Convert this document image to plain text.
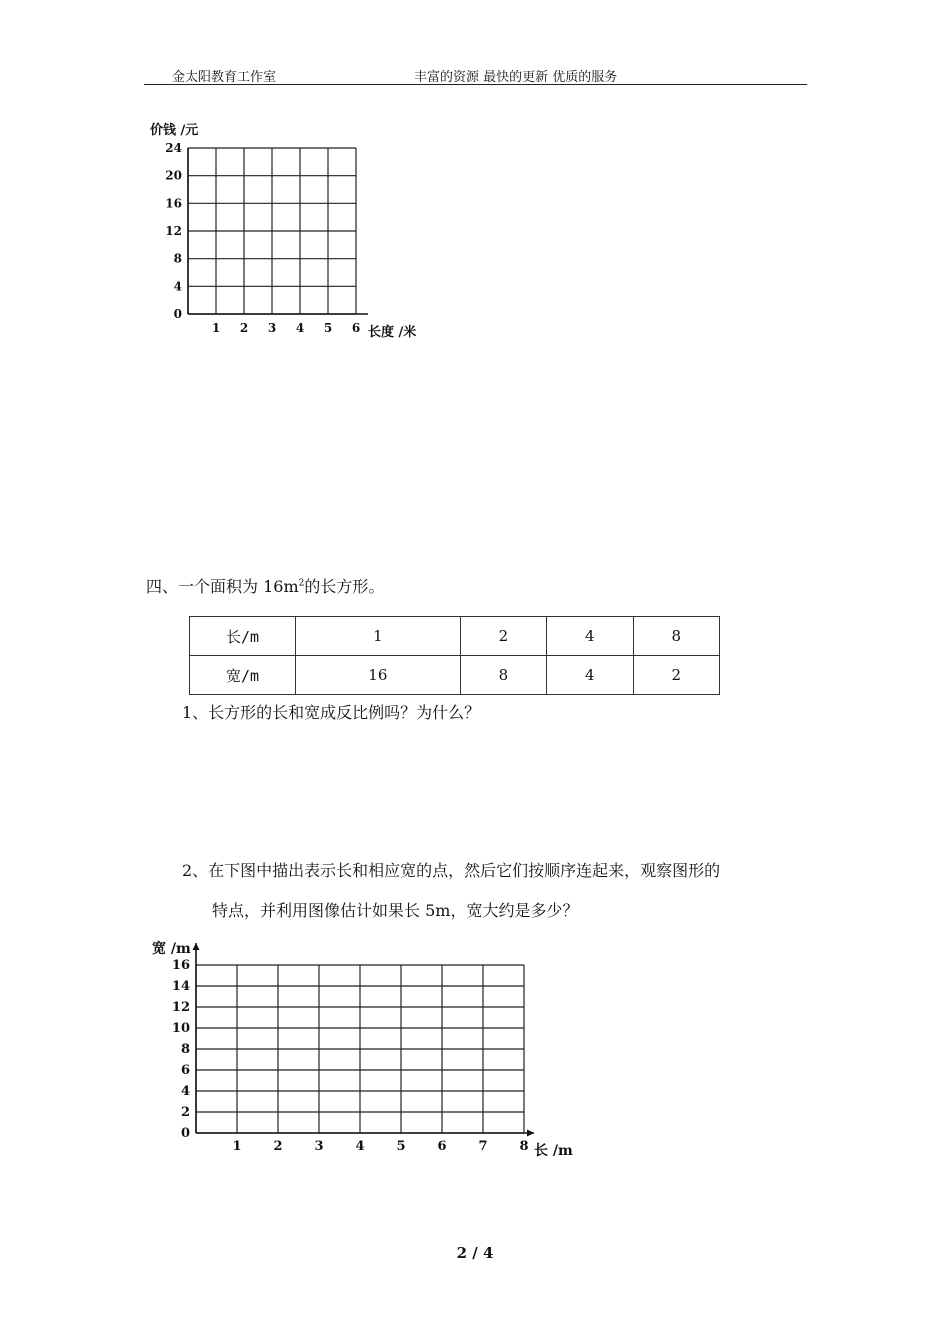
金太阳教育工作室	丰富的资源 最快的更新 优质的服务
0
4
8
12
16
20
24
1 2 3 4 5 6
价钱 /元
长度 /米
四、一个面积为 $16m^2$的长方形。
长/m	1	2	4	8
宽/m	16	8	4	2
1、长方形的长和宽成反比例吗？为什么？
2、在下图中描出表示长和相应宽的点，然后它们按顺序连起来，观察图形的
特点，并利用图像估计如果长 5m，宽大约是多少？
0
2
4
6
8
10
12
14
16
1 2 3 4 5 6 7 8
宽 /m
长 /m
2 / 4
